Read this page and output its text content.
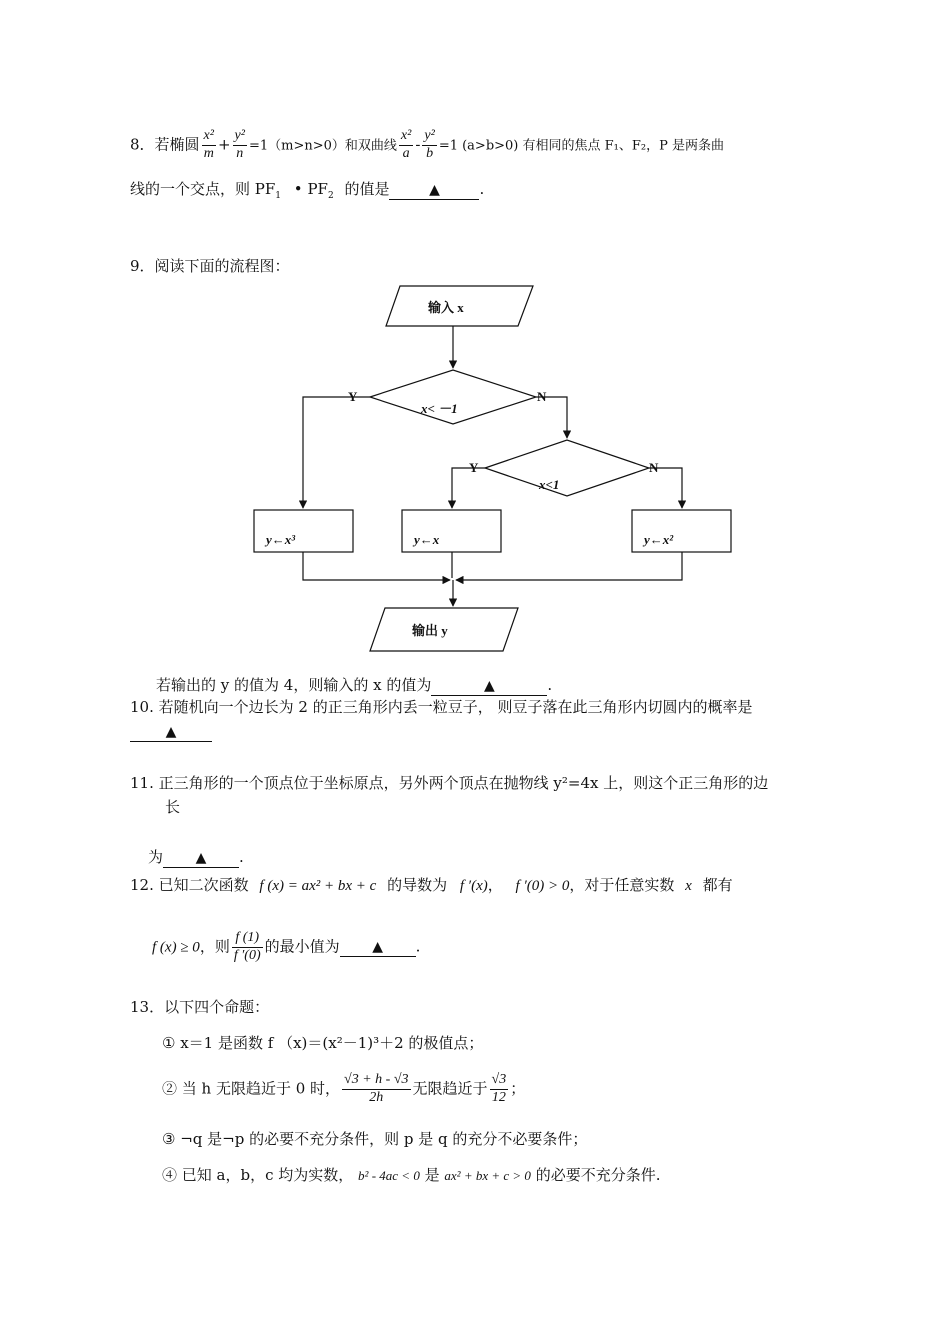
8．若椭圆 $\frac{\text{x²}}{m} + \frac{\text{y²}}{n} =1(m>n>0)$和双曲线 $\frac{\text{x²}}{a} - \frac{\text{y²}}{b} =1$ (a>b>0) 有相同的焦点 F₁、F₂，P 是两条曲
线的一个交点，则 $PF_1$ • $PF_2$ 的值是	▲	.
9．阅读下面的流程图：
输入 x
x< －1
Y	N
x<1
Y	N
y←x³	y←x	y←x²
输出 y
若输出的 y 的值为 4，则输入的 x 的值为	▲	.
10. 若随机向一个边长为 2 的正三角形内丢一粒豆子， 则豆子落在此三角形内切圆内的概率是
▲
11. 正三角形的一个顶点位于坐标原点，另外两个顶点在抛物线 y²=4x 上，则这个正三角形的边
长
为 ▲ .
12. 已知二次函数 f (x) = ax² + bx + c 的导数为 f ′(x)， f ′(0) > 0，对于任意实数 x 都有
f (x) ≥ 0，则 $\frac{f (1)}{f '(0)}$ 的最小值为 ▲ .
13．以下四个命题：
① x＝1 是函数 f （x)＝(x²－1)³＋2 的极值点；
② 当 h 无限趋近于 0 时， $\frac{√3 + h - √3}{2h}$ 无限趋近于 $\frac{√3}{12}$ ；
③ ¬q 是¬p 的必要不充分条件，则 p 是 q 的充分不必要条件；
④ 已知 a，b，c 均为实数， b² - 4ac < 0 是 ax² + bx + c > 0 的必要不充分条件.
